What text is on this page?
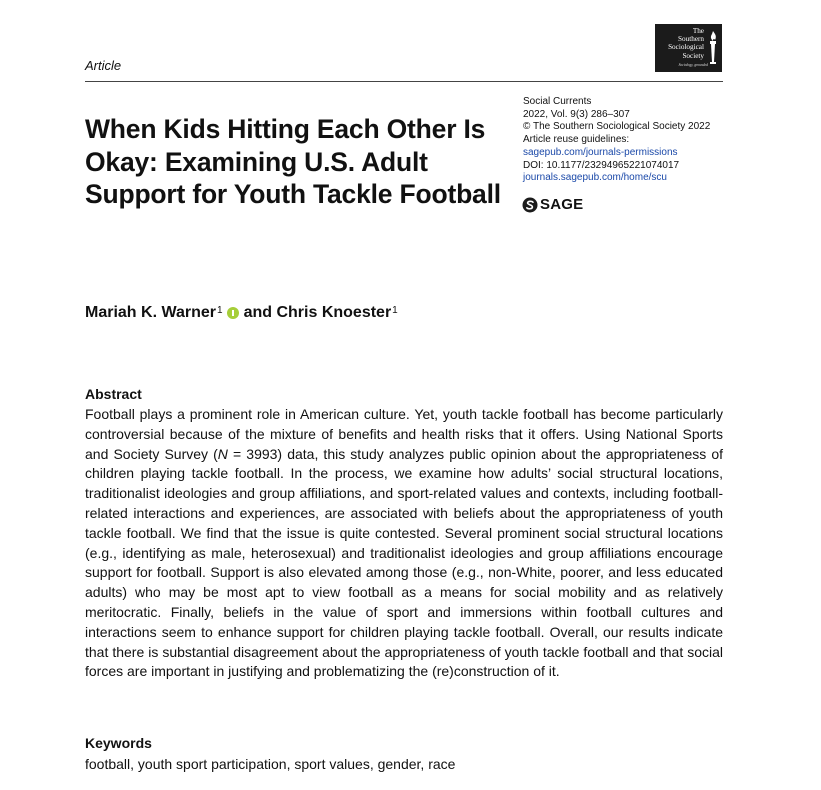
The
Southern
Sociological
Society
Sociology, grounded
Article
When Kids Hitting Each Other Is Okay: Examining U.S. Adult Support for Youth Tackle Football
Social Currents
2022, Vol. 9(3) 286–307
© The Southern Sociological Society 2022
Article reuse guidelines:
sagepub.com/journals-permissions
DOI: 10.1177/23294965221074017
journals.sagepub.com/home/scu
SAGE
Mariah K. Warner$^1$ and
Chris Knoester$^1$
Abstract

Football plays a prominent role in American culture. Yet, youth tackle football has become particularly controversial because of the mixture of benefits and health risks that it offers. Using National Sports and Society Survey (N = 3993) data, this study analyzes public opinion about the appropriateness of children playing tackle football. In the process, we examine how adults’ social structural locations, traditionalist ideologies and group affiliations, and sport-related values and contexts, including football-related interactions and experiences, are associated with beliefs about the appropriateness of youth tackle football. We find that the issue is quite contested. Several prominent social structural locations (e.g., identifying as male, heterosexual) and traditionalist ideologies and group affiliations encourage support for football. Support is also elevated among those (e.g., non-White, poorer, and less educated adults) who may be most apt to view football as a means for social mobility and as relatively meritocratic. Finally, beliefs in the value of sport and immersions within football cultures and interactions seem to enhance support for children playing tackle football. Overall, our results indicate that there is substantial disagreement about the appropriateness of youth tackle football and that social forces are important in justifying and problematizing the (re)construction of it.

Keywords
football, youth sport participation, sport values, gender, race
